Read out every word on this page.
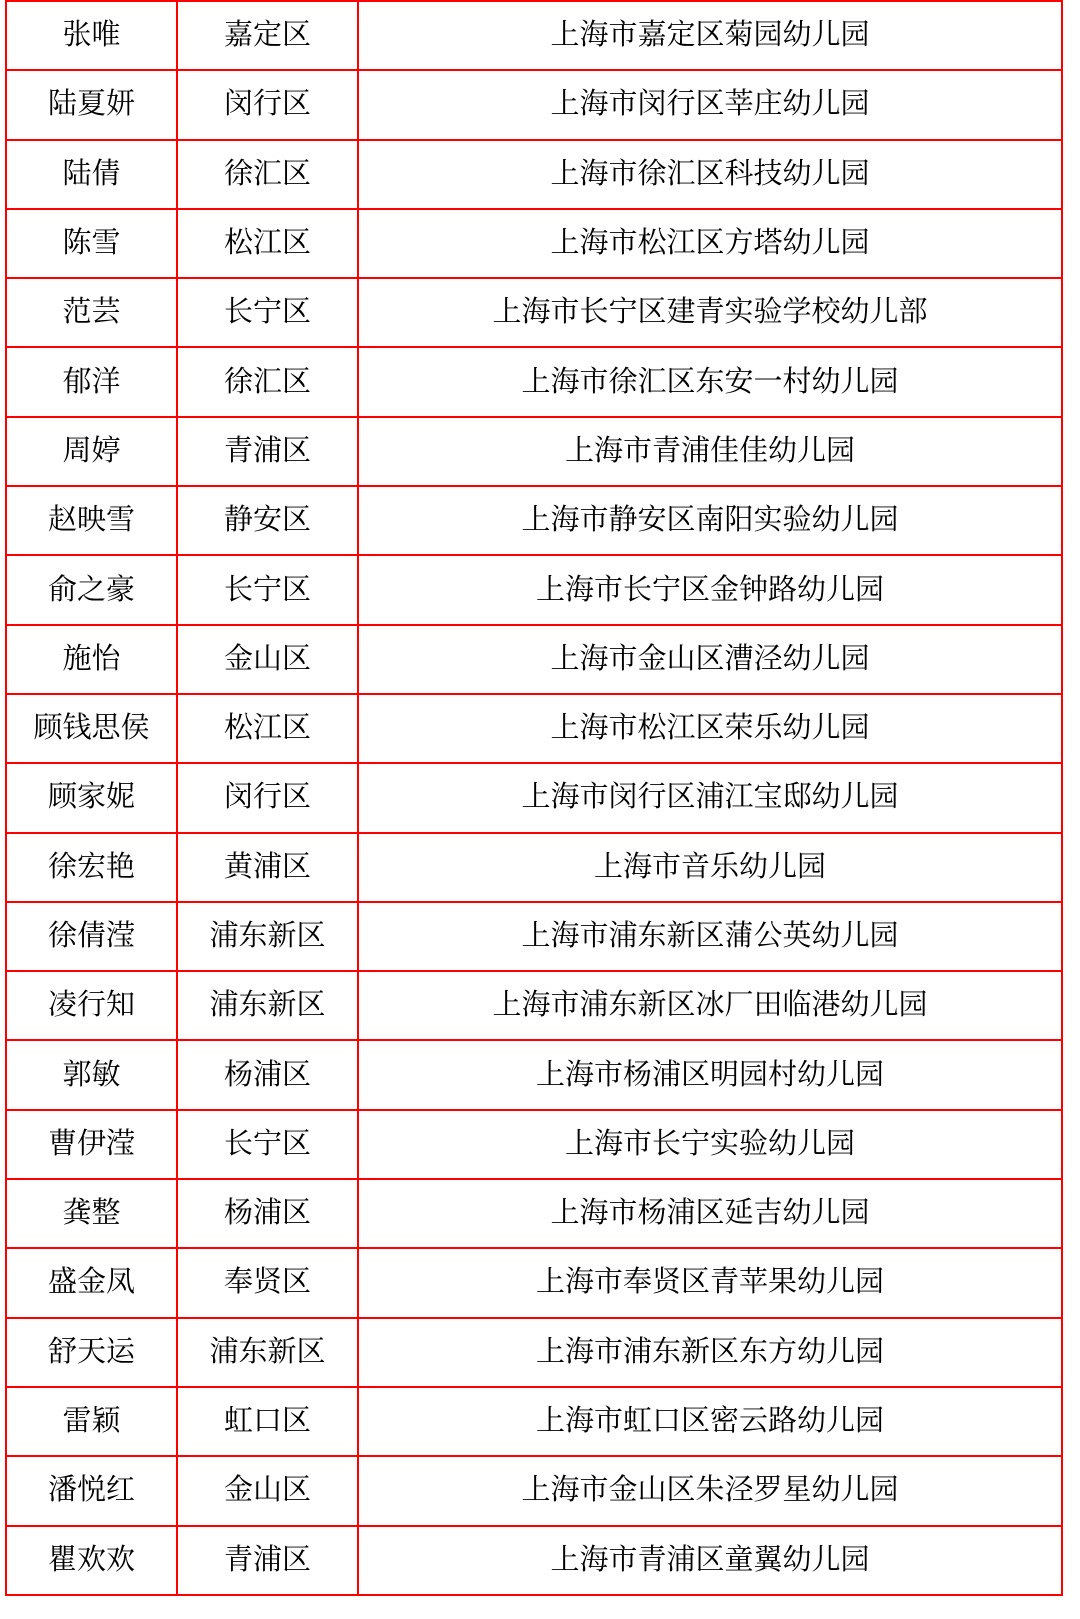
张唯	嘉定区	上海市嘉定区菊园幼儿园
陆夏妍	闵行区	上海市闵行区莘庄幼儿园
陆倩	徐汇区	上海市徐汇区科技幼儿园
陈雪	松江区	上海市松江区方塔幼儿园
范芸	长宁区	上海市长宁区建青实验学校幼儿部
郁洋	徐汇区	上海市徐汇区东安一村幼儿园
周婷	青浦区	上海市青浦佳佳幼儿园
赵映雪	静安区	上海市静安区南阳实验幼儿园
俞之豪	长宁区	上海市长宁区金钟路幼儿园
施怡	金山区	上海市金山区漕泾幼儿园
顾钱思侯	松江区	上海市松江区荣乐幼儿园
顾家妮	闵行区	上海市闵行区浦江宝邸幼儿园
徐宏艳	黄浦区	上海市音乐幼儿园
徐倩滢	浦东新区	上海市浦东新区蒲公英幼儿园
凌行知	浦东新区	上海市浦东新区冰厂田临港幼儿园
郭敏	杨浦区	上海市杨浦区明园村幼儿园
曹伊滢	长宁区	上海市长宁实验幼儿园
龚整	杨浦区	上海市杨浦区延吉幼儿园
盛金凤	奉贤区	上海市奉贤区青苹果幼儿园
舒天运	浦东新区	上海市浦东新区东方幼儿园
雷颖	虹口区	上海市虹口区密云路幼儿园
潘悦红	金山区	上海市金山区朱泾罗星幼儿园
瞿欢欢	青浦区	上海市青浦区童翼幼儿园
